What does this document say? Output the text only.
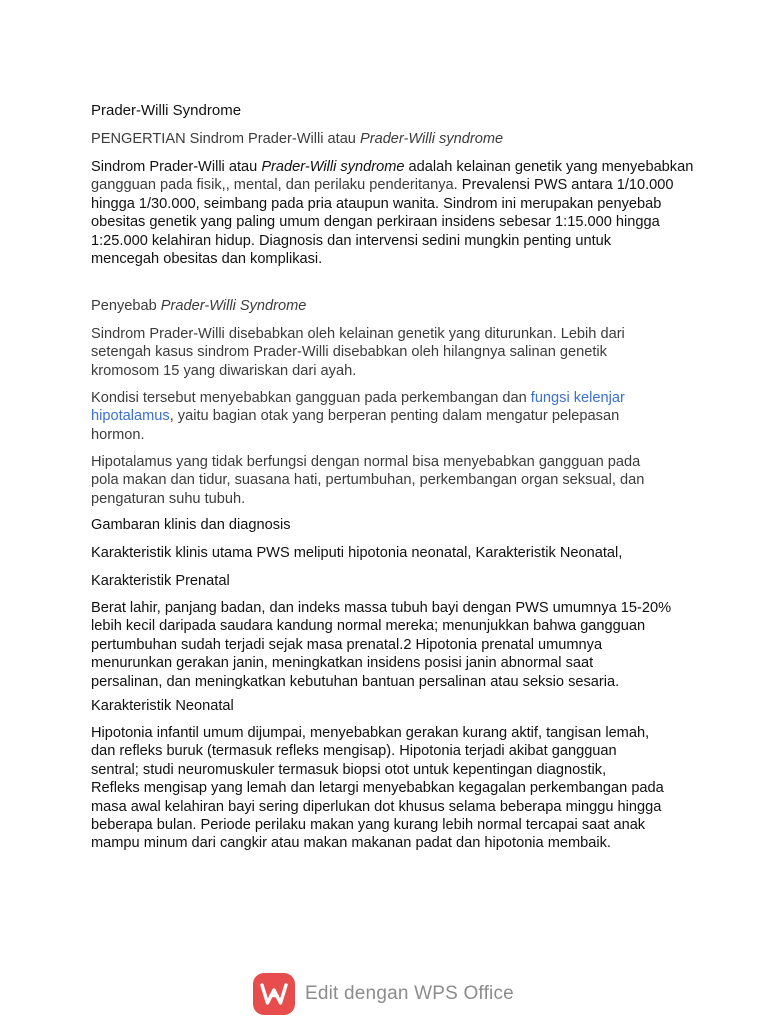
Prader-Willi Syndrome

PENGERTIAN Sindrom Prader-Willi atau Prader-Willi syndrome

Sindrom Prader-Willi atau Prader-Willi syndrome adalah kelainan genetik yang menyebabkan
gangguan pada fisik,, mental, dan perilaku penderitanya. Prevalensi PWS antara 1/10.000
hingga 1/30.000, seimbang pada pria ataupun wanita. Sindrom ini merupakan penyebab
obesitas genetik yang paling umum dengan perkiraan insidens sebesar 1:15.000 hingga
1:25.000 kelahiran hidup. Diagnosis dan intervensi sedini mungkin penting untuk
mencegah obesitas dan komplikasi.

Penyebab Prader-Willi Syndrome

Sindrom Prader-Willi disebabkan oleh kelainan genetik yang diturunkan. Lebih dari
setengah kasus sindrom Prader-Willi disebabkan oleh hilangnya salinan genetik
kromosom 15 yang diwariskan dari ayah.
Kondisi tersebut menyebabkan gangguan pada perkembangan dan fungsi kelenjar
hipotalamus, yaitu bagian otak yang berperan penting dalam mengatur pelepasan
hormon.
Hipotalamus yang tidak berfungsi dengan normal bisa menyebabkan gangguan pada
pola makan dan tidur, suasana hati, pertumbuhan, perkembangan organ seksual, dan
pengaturan suhu tubuh.

Gambaran klinis dan diagnosis

Karakteristik klinis utama PWS meliputi hipotonia neonatal, Karakteristik Neonatal,

Karakteristik Prenatal

Berat lahir, panjang badan, dan indeks massa tubuh bayi dengan PWS umumnya 15-20%
lebih kecil daripada saudara kandung normal mereka; menunjukkan bahwa gangguan
pertumbuhan sudah terjadi sejak masa prenatal.2 Hipotonia prenatal umumnya
menurunkan gerakan janin, meningkatkan insidens posisi janin abnormal saat
persalinan, dan meningkatkan kebutuhan bantuan persalinan atau seksio sesaria.

Karakteristik Neonatal

Hipotonia infantil umum dijumpai, menyebabkan gerakan kurang aktif, tangisan lemah,
dan refleks buruk (termasuk refleks mengisap). Hipotonia terjadi akibat gangguan
sentral; studi neuromuskuler termasuk biopsi otot untuk kepentingan diagnostik,
Refleks mengisap yang lemah dan letargi menyebabkan kegagalan perkembangan pada
masa awal kelahiran bayi sering diperlukan dot khusus selama beberapa minggu hingga
beberapa bulan. Periode perilaku makan yang kurang lebih normal tercapai saat anak
mampu minum dari cangkir atau makan makanan padat dan hipotonia membaik.
Edit dengan WPS Office
